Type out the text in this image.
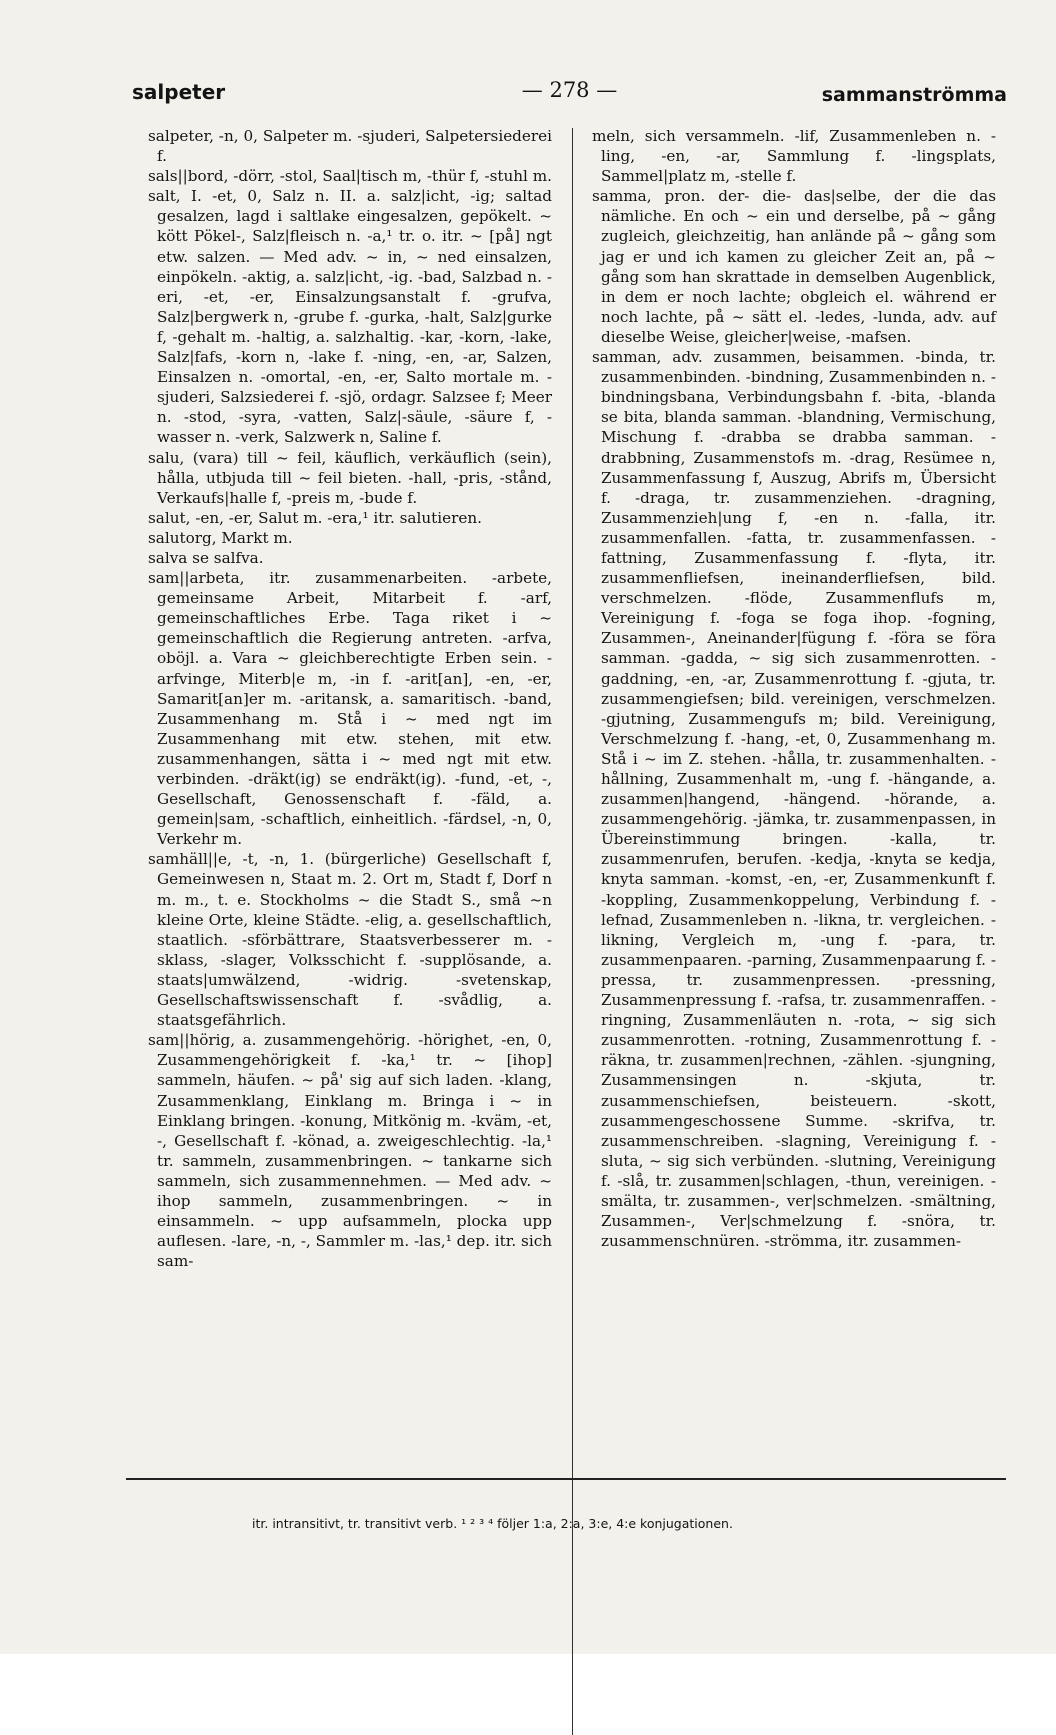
salpeter	— 278 —	sammanströmma

salpeter, -n, 0, Salpeter m. -sjuderi, Salpetersiederei f.

sals||bord, -dörr, -stol, Saal|tisch m, -thür f, -stuhl m.

salt, I. -et, 0, Salz n. II. a. salz|icht, -ig; saltad gesalzen, lagd i saltlake eingesalzen, gepökelt. ~ kött Pökel-, Salz|fleisch n. -a,¹ tr. o. itr. ~ [på] ngt etw. salzen. — Med adv. ~ in, ~ ned einsalzen, einpökeln. -aktig, a. salz|icht, -ig. -bad, Salzbad n. -eri, -et, -er, Einsalzungsanstalt f. -grufva, Salz|bergwerk n, -grube f. -gurka, -halt, Salz|gurke f, -gehalt m. -haltig, a. salzhaltig. -kar, -korn, -lake, Salz|fafs, -korn n, -lake f. -ning, -en, -ar, Salzen, Einsalzen n. -omortal, -en, -er, Salto mortale m. -sjuderi, Salzsiederei f. -sjö, ordagr. Salzsee f; Meer n. -stod, -syra, -vatten, Salz|-säule, -säure f, -wasser n. -verk, Salzwerk n, Saline f.

salu, (vara) till ~ feil, käuflich, verkäuflich (sein), hålla, utbjuda till ~ feil bieten. -hall, -pris, -stånd, Verkaufs|halle f, -preis m, -bude f.

salut, -en, -er, Salut m. -era,¹ itr. salutieren.

salutorg, Markt m.

salva se salfva.

sam||arbeta, itr. zusammenarbeiten. -arbete, gemeinsame Arbeit, Mitarbeit f. -arf, gemeinschaftliches Erbe. Taga riket i ~ gemeinschaftlich die Regierung antreten. -arfva, oböjl. a. Vara ~ gleichberechtigte Erben sein. -arfvinge, Miterb|e m, -in f. -arit[an], -en, -er, Samarit[an]er m. -aritansk, a. samaritisch. -band, Zusammenhang m. Stå i ~ med ngt im Zusammenhang mit etw. stehen, mit etw. zusammenhangen, sätta i ~ med ngt mit etw. verbinden. -dräkt(ig) se endräkt(ig). -fund, -et, -, Gesellschaft, Genossenschaft f. -fäld, a. gemein|sam, -schaftlich, einheitlich. -färdsel, -n, 0, Verkehr m.

samhäll||e, -t, -n, 1. (bürgerliche) Gesellschaft f, Gemeinwesen n, Staat m. 2. Ort m, Stadt f, Dorf n m. m., t. e. Stockholms ~ die Stadt S., små ~n kleine Orte, kleine Städte. -elig, a. gesellschaftlich, staatlich. -sförbättrare, Staatsverbesserer m. -sklass, -slager, Volksschicht f. -supplösande, a. staats|umwälzend, -widrig. -svetenskap, Gesellschaftswissenschaft f. -svådlig, a. staatsgefährlich.

sam||hörig, a. zusammengehörig. -hörighet, -en, 0, Zusammengehörigkeit f. -ka,¹ tr. ~ [ihop] sammeln, häufen. ~ på' sig auf sich laden. -klang, Zusammenklang, Einklang m. Bringa i ~ in Einklang bringen. -konung, Mitkönig m. -kväm, -et, -, Gesellschaft f. -könad, a. zweigeschlechtig. -la,¹ tr. sammeln, zusammenbringen. ~ tankarne sich sammeln, sich zusammennehmen. — Med adv. ~ ihop sammeln, zusammenbringen. ~ in einsammeln. ~ upp aufsammeln, plocka upp auflesen. -lare, -n, -, Sammler m. -las,¹ dep. itr. sich sam-

meln, sich versammeln. -lif, Zusammenleben n. -ling, -en, -ar, Sammlung f. -lingsplats, Sammel|platz m, -stelle f.

samma, pron. der- die- das|selbe, der die das nämliche. En och ~ ein und derselbe, på ~ gång zugleich, gleichzeitig, han anlände på ~ gång som jag er und ich kamen zu gleicher Zeit an, på ~ gång som han skrattade in demselben Augenblick, in dem er noch lachte; obgleich el. während er noch lachte, på ~ sätt el. -ledes, -lunda, adv. auf dieselbe Weise, gleicher|weise, -mafsen.

samman, adv. zusammen, beisammen. -binda, tr. zusammenbinden. -bindning, Zusammenbinden n. -bindningsbana, Verbindungsbahn f. -bita, -blanda se bita, blanda samman. -blandning, Vermischung, Mischung f. -drabba se drabba samman. -drabbning, Zusammenstofs m. -drag, Resümee n, Zusammenfassung f, Auszug, Abrifs m, Übersicht f. -draga, tr. zusammenziehen. -dragning, Zusammenzieh|ung f, -en n. -falla, itr. zusammenfallen. -fatta, tr. zusammenfassen. -fattning, Zusammenfassung f. -flyta, itr. zusammenfliefsen, ineinanderfliefsen, bild. verschmelzen. -flöde, Zusammenflufs m, Vereinigung f. -foga se foga ihop. -fogning, Zusammen-, Aneinander|fügung f. -föra se föra samman. -gadda, ~ sig sich zusammenrotten. -gaddning, -en, -ar, Zusammenrottung f. -gjuta, tr. zusammengiefsen; bild. vereinigen, verschmelzen. -gjutning, Zusammengufs m; bild. Vereinigung, Verschmelzung f. -hang, -et, 0, Zusammenhang m. Stå i ~ im Z. stehen. -hålla, tr. zusammenhalten. -hållning, Zusammenhalt m, -ung f. -hängande, a. zusammen|hangend, -hängend. -hörande, a. zusammengehörig. -jämka, tr. zusammenpassen, in Übereinstimmung bringen. -kalla, tr. zusammenrufen, berufen. -kedja, -knyta se kedja, knyta samman. -komst, -en, -er, Zusammenkunft f. -koppling, Zusammenkoppelung, Verbindung f. -lefnad, Zusammenleben n. -likna, tr. vergleichen. -likning, Vergleich m, -ung f. -para, tr. zusammenpaaren. -parning, Zusammenpaarung f. -pressa, tr. zusammenpressen. -pressning, Zusammenpressung f. -rafsa, tr. zusammenraffen. -ringning, Zusammenläuten n. -rota, ~ sig sich zusammenrotten. -rotning, Zusammenrottung f. -räkna, tr. zusammen|rechnen, -zählen. -sjungning, Zusammensingen n. -skjuta, tr. zusammenschiefsen, beisteuern. -skott, zusammengeschossene Summe. -skrifva, tr. zusammenschreiben. -slagning, Vereinigung f. -sluta, ~ sig sich verbünden. -slutning, Vereinigung f. -slå, tr. zusammen|schlagen, -thun, vereinigen. -smälta, tr. zusammen-, ver|schmelzen. -smältning, Zusammen-, Ver|schmelzung f. -snöra, tr. zusammenschnüren. -strömma, itr. zusammen-

itr. intransitivt, tr. transitivt verb. ¹ ² ³ ⁴ följer 1:a, 2:a, 3:e, 4:e konjugationen.
